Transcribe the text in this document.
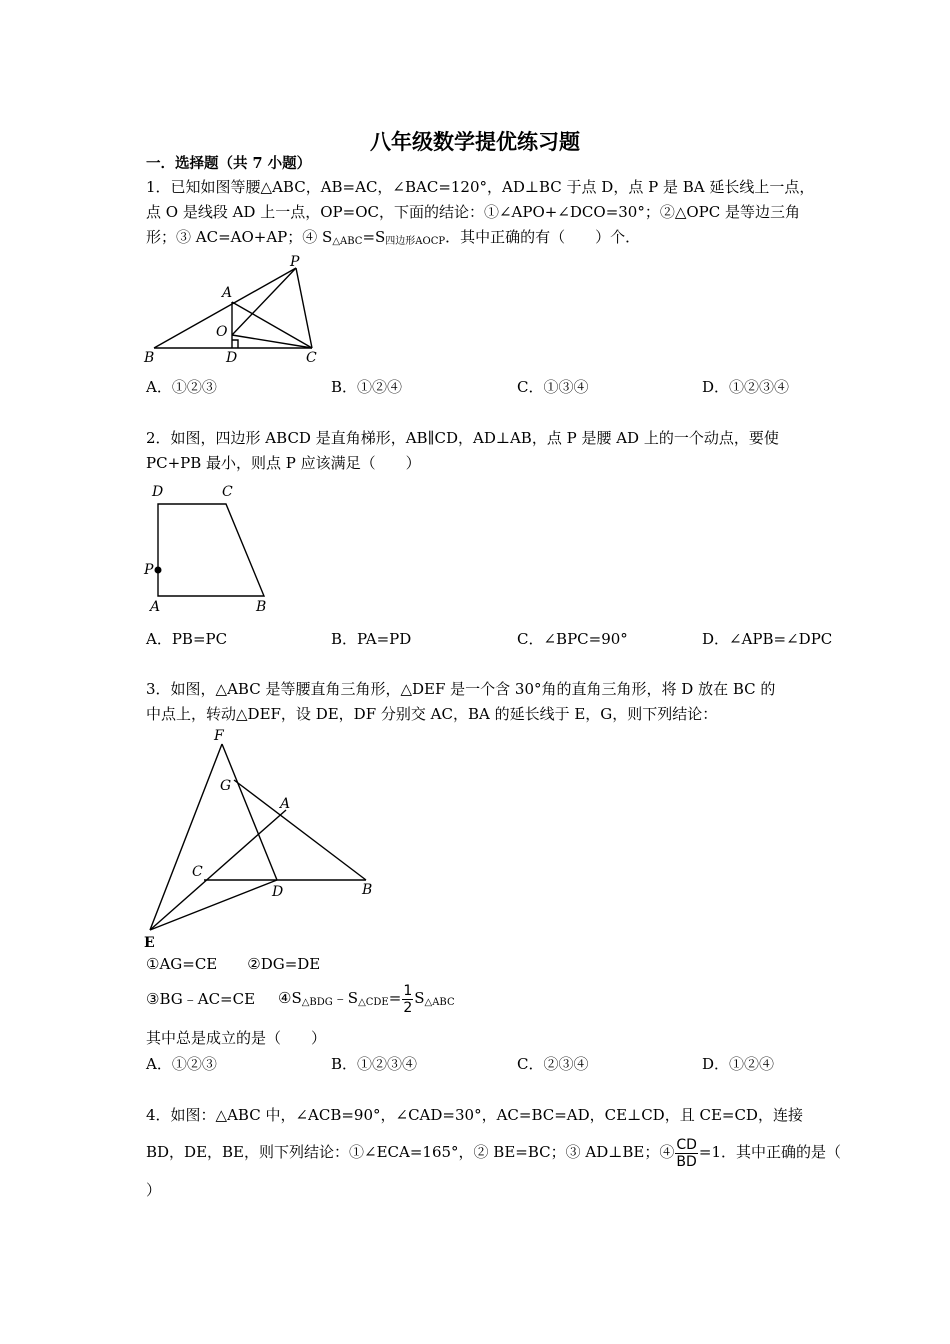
八年级数学提优练习题
一．选择题（共 7 小题）
1．已知如图等腰△ABC，AB=AC，∠BAC=120°，AD⊥BC 于点 D，点 P 是 BA 延长线上一点，
点 O 是线段 AD 上一点，OP=OC，下面的结论：①∠APO+∠DCO=30°；②△OPC 是等边三角
形；③ AC=AO+AP；④ $S_{\triangle ABC}=S_{四边形AOCP}$．其中正确的有（　　）个．
P
A
O
B	D	C
A．①②③	B．①②④	C．①③④	D．①②③④
2．如图，四边形 ABCD 是直角梯形，AB∥CD，AD⊥AB，点 P 是腰 AD 上的一个动点，要使
PC+PB 最小，则点 P 应该满足（　　）
D	C
P
A	B
A．PB=PC	B．PA=PD	C．∠BPC=90°	D．∠APB=∠DPC
3．如图，△ABC 是等腰直角三角形，△DEF 是一个含 30°角的直角三角形，将 D 放在 BC 的
中点上，转动△DEF，设 DE，DF 分别交 AC，BA 的延长线于 E，G，则下列结论：
F
G
A
C
D	B
E
①AG=CE　　②DG=DE
③BG﹣AC=CE $④S_{\triangle BDG}﹣S_{\triangle CDE}= \frac{1}{2} S_{\triangle ABC}$
其中总是成立的是（　　）
A．①②③	B．①②③④	C．②③④	D．①②④
4．如图：△ABC 中，∠ACB=90°，∠CAD=30°，AC=BC=AD，CE⊥CD，且 CE=CD，连接
BD，DE，BE，则下列结论：①∠ECA=165°，② BE=BC；③ AD⊥BE；④ $\frac{CD}{BD} =1$．其中正确的是（
）
